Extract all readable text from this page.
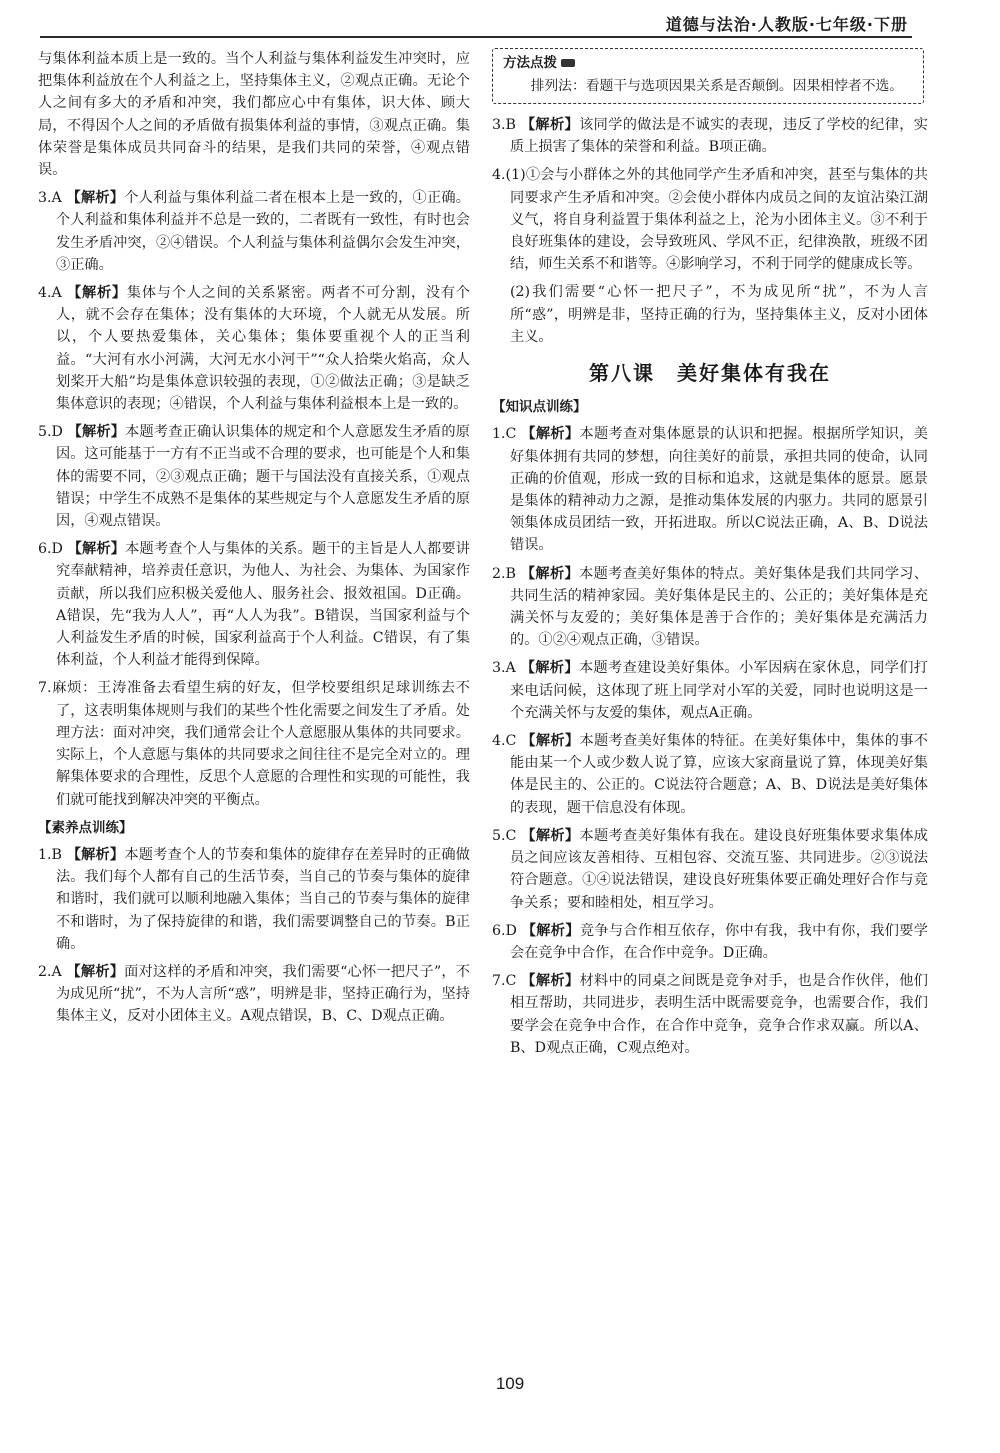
道德与法治·人教版·七年级·下册

与集体利益本质上是一致的。当个人利益与集体利益发生冲突时，应把集体利益放在个人利益之上，坚持集体主义，②观点正确。无论个人之间有多大的矛盾和冲突，我们都应心中有集体，识大体、顾大局，不得因个人之间的矛盾做有损集体利益的事情，③观点正确。集体荣誉是集体成员共同奋斗的结果，是我们共同的荣誉，④观点错误。

3.A 【解析】个人利益与集体利益二者在根本上是一致的，①正确。个人利益和集体利益并不总是一致的，二者既有一致性，有时也会发生矛盾冲突，②④错误。个人利益与集体利益偶尔会发生冲突，③正确。

4.A 【解析】集体与个人之间的关系紧密。两者不可分割，没有个人，就不会存在集体；没有集体的大环境，个人就无从发展。所以，个人要热爱集体，关心集体；集体要重视个人的正当利益。“大河有水小河满，大河无水小河干”“众人拾柴火焰高，众人划桨开大船”均是集体意识较强的表现，①②做法正确；③是缺乏集体意识的表现；④错误，个人利益与集体利益根本上是一致的。

5.D 【解析】本题考查正确认识集体的规定和个人意愿发生矛盾的原因。这可能基于一方有不正当或不合理的要求，也可能是个人和集体的需要不同，②③观点正确；题干与国法没有直接关系，①观点错误；中学生不成熟不是集体的某些规定与个人意愿发生矛盾的原因，④观点错误。

6.D 【解析】本题考查个人与集体的关系。题干的主旨是人人都要讲究奉献精神，培养责任意识，为他人、为社会、为集体、为国家作贡献，所以我们应积极关爱他人、服务社会、报效祖国。D正确。A错误，先“我为人人”，再“人人为我”。B错误，当国家利益与个人利益发生矛盾的时候，国家利益高于个人利益。C错误，有了集体利益，个人利益才能得到保障。

7.麻烦：王涛准备去看望生病的好友，但学校要组织足球训练去不了，这表明集体规则与我们的某些个性化需要之间发生了矛盾。处理方法：面对冲突，我们通常会让个人意愿服从集体的共同要求。实际上，个人意愿与集体的共同要求之间往往不是完全对立的。理解集体要求的合理性，反思个人意愿的合理性和实现的可能性，我们就可能找到解决冲突的平衡点。

【素养点训练】

1.B 【解析】本题考查个人的节奏和集体的旋律存在差异时的正确做法。我们每个人都有自己的生活节奏，当自己的节奏与集体的旋律和谐时，我们就可以顺利地融入集体；当自己的节奏与集体的旋律不和谐时，为了保持旋律的和谐，我们需要调整自己的节奏。B正确。

2.A 【解析】面对这样的矛盾和冲突，我们需要“心怀一把尺子”，不为成见所“扰”，不为人言所“惑”，明辨是非，坚持正确行为，坚持集体主义，反对小团体主义。A观点错误，B、C、D观点正确。

方法点拨
排列法：看题干与选项因果关系是否颠倒。因果相悖者不选。

3.B 【解析】该同学的做法是不诚实的表现，违反了学校的纪律，实质上损害了集体的荣誉和利益。B项正确。

4.(1)①会与小群体之外的其他同学产生矛盾和冲突，甚至与集体的共同要求产生矛盾和冲突。②会使小群体内成员之间的友谊沾染江湖义气，将自身利益置于集体利益之上，沦为小团体主义。③不利于良好班集体的建设，会导致班风、学风不正，纪律涣散，班级不团结，师生关系不和谐等。④影响学习，不利于同学的健康成长等。

(2)我们需要“心怀一把尺子”，不为成见所“扰”，不为人言所“惑”，明辨是非，坚持正确的行为，坚持集体主义，反对小团体主义。

第八课　美好集体有我在
【知识点训练】

1.C 【解析】本题考查对集体愿景的认识和把握。根据所学知识，美好集体拥有共同的梦想，向往美好的前景，承担共同的使命，认同正确的价值观，形成一致的目标和追求，这就是集体的愿景。愿景是集体的精神动力之源，是推动集体发展的内驱力。共同的愿景引领集体成员团结一致，开拓进取。所以C说法正确，A、B、D说法错误。

2.B 【解析】本题考查美好集体的特点。美好集体是我们共同学习、共同生活的精神家园。美好集体是民主的、公正的；美好集体是充满关怀与友爱的；美好集体是善于合作的；美好集体是充满活力的。①②④观点正确，③错误。

3.A 【解析】本题考查建设美好集体。小军因病在家休息，同学们打来电话问候，这体现了班上同学对小军的关爱，同时也说明这是一个充满关怀与友爱的集体，观点A正确。

4.C 【解析】本题考查美好集体的特征。在美好集体中，集体的事不能由某一个人或少数人说了算，应该大家商量说了算，体现美好集体是民主的、公正的。C说法符合题意；A、B、D说法是美好集体的表现，题干信息没有体现。

5.C 【解析】本题考查美好集体有我在。建设良好班集体要求集体成员之间应该友善相待、互相包容、交流互鉴、共同进步。②③说法符合题意。①④说法错误，建设良好班集体要正确处理好合作与竞争关系；要和睦相处，相互学习。

6.D 【解析】竞争与合作相互依存，你中有我，我中有你，我们要学会在竞争中合作，在合作中竞争。D正确。

7.C 【解析】材料中的同桌之间既是竞争对手，也是合作伙伴，他们相互帮助，共同进步，表明生活中既需要竞争，也需要合作，我们要学会在竞争中合作，在合作中竞争，竞争合作求双赢。所以A、B、D观点正确，C观点绝对。

109
